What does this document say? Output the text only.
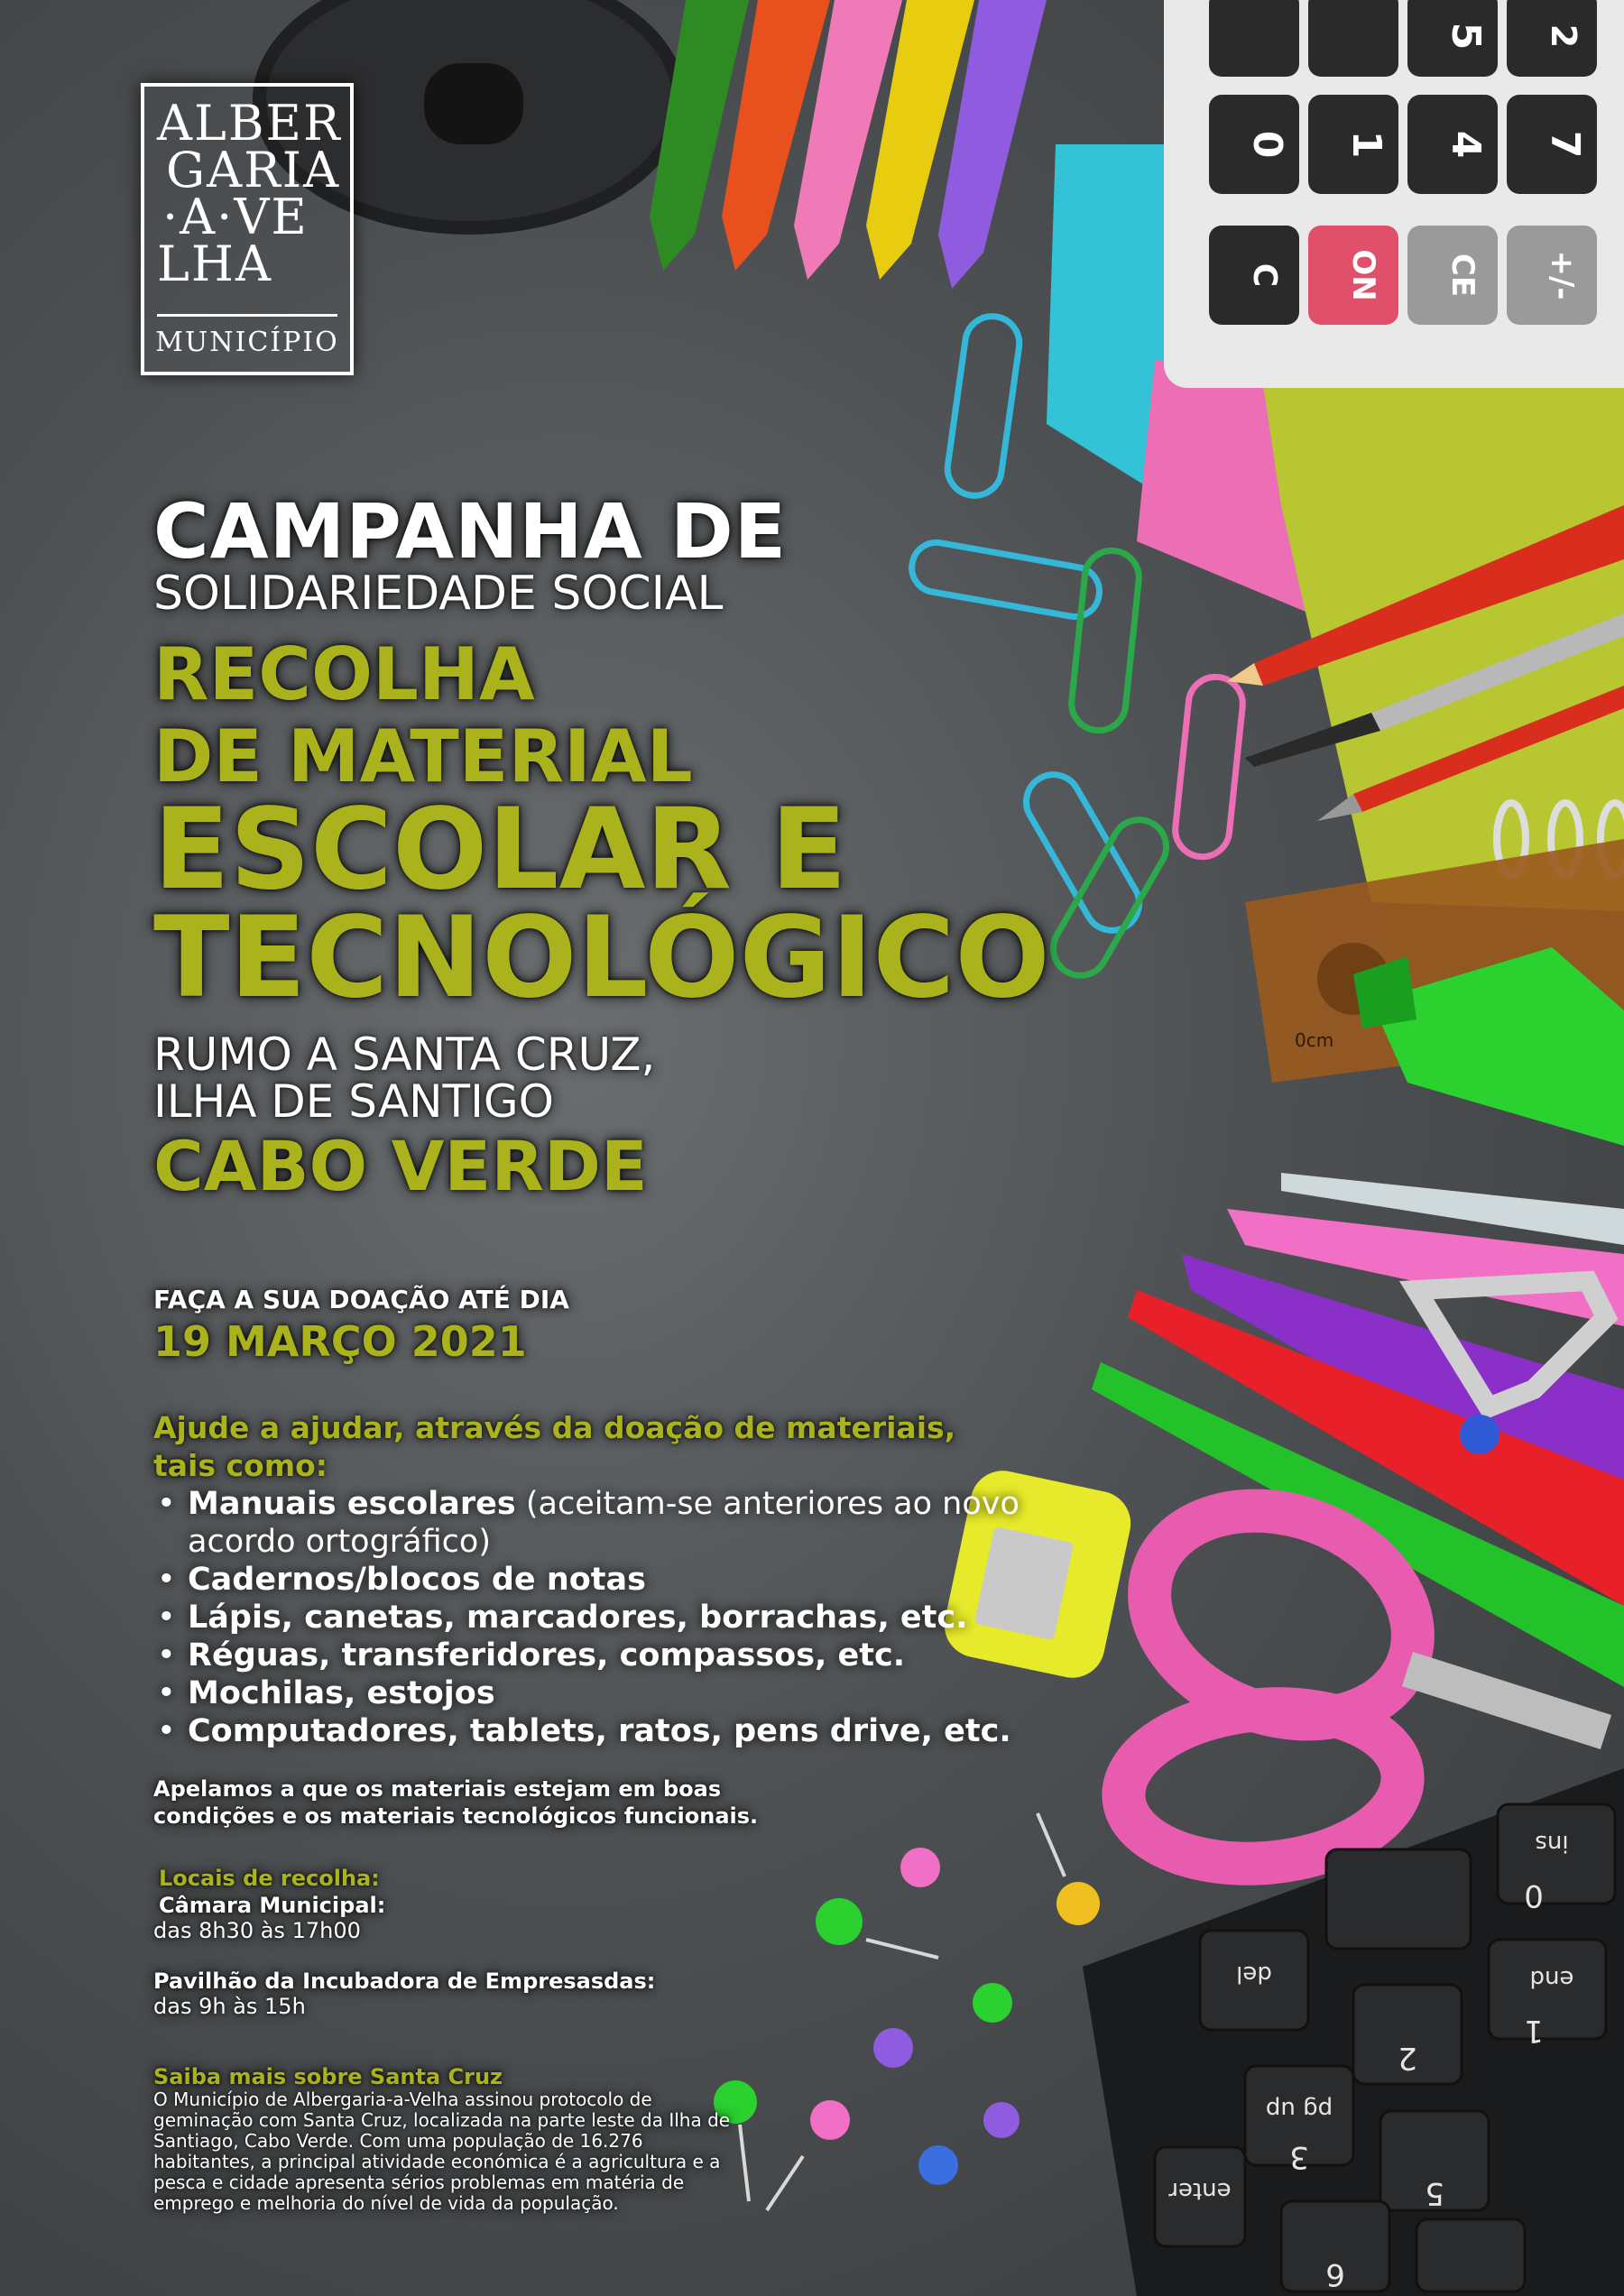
0 1 4 7
C ON CE +/-
5 2
0cm
ins
0
del	end
1
2
pg up
3
enter
6
5
ALBER
GARIA
·A·VE
LHA
MUNICÍPIO
CAMPANHA DE
SOLIDARIEDADE SOCIAL
RECOLHA
DE MATERIAL
ESCOLAR E
TECNOLÓGICO
RUMO A SANTA CRUZ,
ILHA DE SANTIGO
CABO VERDE
FAÇA A SUA DOAÇÃO ATÉ DIA
19 MARÇO 2021
Ajude a ajudar, através da doação de materiais, tais como:
• Manuais escolares (aceitam-se anteriores ao novo acordo ortográfico)
• Cadernos/blocos de notas
• Lápis, canetas, marcadores, borrachas, etc.
• Réguas, transferidores, compassos, etc.
• Mochilas, estojos
• Computadores, tablets, ratos, pens drive, etc.
Apelamos a que os materiais estejam em boas condições e os materiais tecnológicos funcionais.
Locais de recolha:
Câmara Municipal:
das 8h30 às 17h00
Pavilhão da Incubadora de Empresasdas:
das 9h às 15h
Saiba mais sobre Santa Cruz
O Município de Albergaria-a-Velha assinou protocolo de geminação com Santa Cruz, localizada na parte leste da Ilha de Santiago, Cabo Verde. Com uma população de 16.276 habitantes, a principal atividade económica é a agricultura e a pesca e cidade apresenta sérios problemas em matéria de emprego e melhoria do nível de vida da população.
